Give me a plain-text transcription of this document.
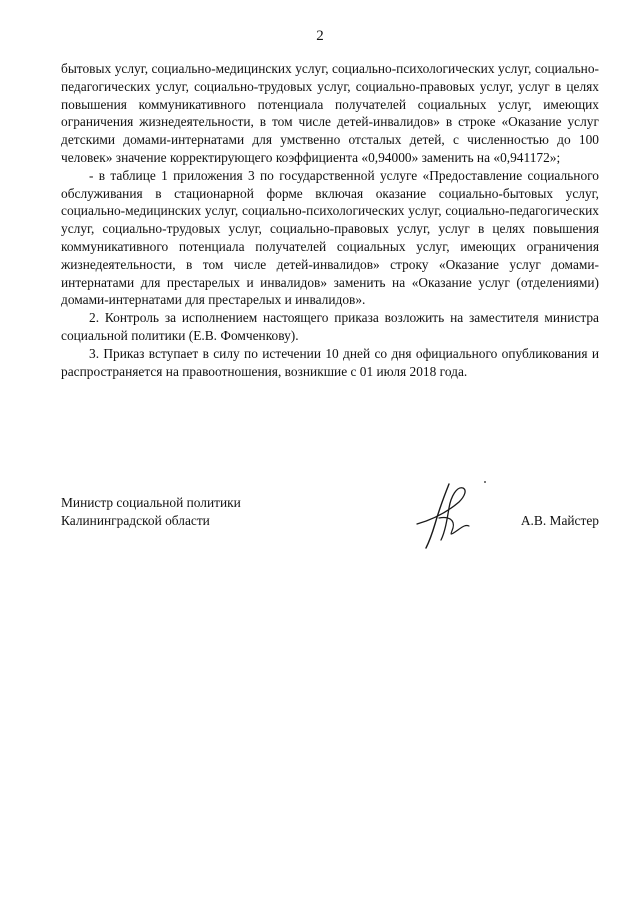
2

бытовых услуг, социально-медицинских услуг, социально-психологических услуг, социально-педагогических услуг, социально-трудовых услуг, социально-правовых услуг, услуг в целях повышения коммуникативного потенциала получателей социальных услуг, имеющих ограничения жизнедеятельности, в том числе детей-инвалидов» в строке «Оказание услуг детскими домами-интернатами для умственно отсталых детей, с численностью до 100 человек» значение корректирующего коэффициента «0,94000» заменить на «0,941172»;

- в таблице 1 приложения 3 по государственной услуге «Предоставление социального обслуживания в стационарной форме включая оказание социально-бытовых услуг, социально-медицинских услуг, социально-психологических услуг, социально-педагогических услуг, социально-трудовых услуг, социально-правовых услуг, услуг в целях повышения коммуникативного потенциала получателей социальных услуг, имеющих ограничения жизнедеятельности, в том числе детей-инвалидов» строку «Оказание услуг домами-интернатами для престарелых и инвалидов» заменить на «Оказание услуг (отделениями) домами-интернатами для престарелых и инвалидов».

2. Контроль за исполнением настоящего приказа возложить на заместителя министра социальной политики (Е.В. Фомченкову).

3. Приказ вступает в силу по истечении 10 дней со дня официального опубликования и распространяется на правоотношения, возникшие с 01 июля 2018 года.

Министр социальной политики
Калининградской области	А.В. Майстер
